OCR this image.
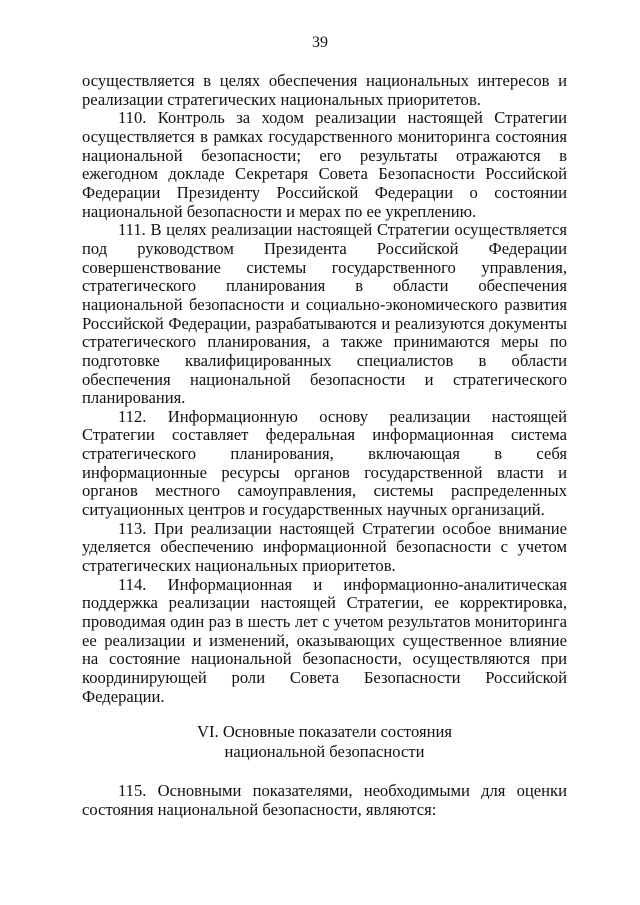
39

осуществляется в целях обеспечения национальных интересов и реализации стратегических национальных приоритетов.

110. Контроль за ходом реализации настоящей Стратегии осуществляется в рамках государственного мониторинга состояния национальной безопасности; его результаты отражаются в ежегодном докладе Секретаря Совета Безопасности Российской Федерации Президенту Российской Федерации о состоянии национальной безопасности и мерах по ее укреплению.

111. В целях реализации настоящей Стратегии осуществляется под руководством Президента Российской Федерации совершенствование системы государственного управления, стратегического планирования в области обеспечения национальной безопасности и социально-экономического развития Российской Федерации, разрабатываются и реализуются документы стратегического планирования, а также принимаются меры по подготовке квалифицированных специалистов в области обеспечения национальной безопасности и стратегического планирования.

112. Информационную основу реализации настоящей Стратегии составляет федеральная информационная система стратегического планирования, включающая в себя информационные ресурсы органов государственной власти и органов местного самоуправления, системы распределенных ситуационных центров и государственных научных организаций.

113. При реализации настоящей Стратегии особое внимание уделяется обеспечению информационной безопасности с учетом стратегических национальных приоритетов.

114. Информационная и информационно-аналитическая поддержка реализации настоящей Стратегии, ее корректировка, проводимая один раз в шесть лет с учетом результатов мониторинга ее реализации и изменений, оказывающих существенное влияние на состояние национальной безопасности, осуществляются при координирующей роли Совета Безопасности Российской Федерации.

VI. Основные показатели состояния
национальной безопасности

115. Основными показателями, необходимыми для оценки состояния национальной безопасности, являются:
